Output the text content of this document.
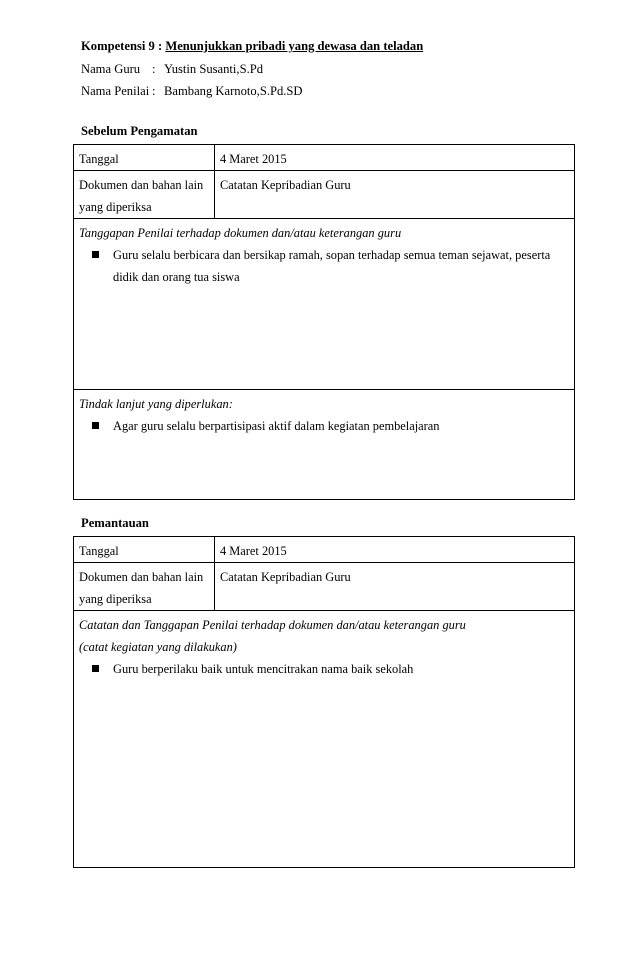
Kompetensi 9 : Menunjukkan pribadi yang dewasa dan teladan
Nama Guru : Yustin Susanti,S.Pd
Nama Penilai : Bambang Karnoto,S.Pd.SD
Sebelum Pengamatan
Tanggal	4 Maret 2015

Dokumen dan bahan lain
yang diperiksa	Catatan Kepribadian Guru

Tanggapan Penilai terhadap dokumen dan/atau keterangan guru
Guru selalu berbicara dan bersikap ramah, sopan terhadap semua teman sejawat, peserta
didik dan orang tua siswa	

Tindak lanjut yang diperlukan:
Agar guru selalu berpartisipasi aktif dalam kegiatan pembelajaran	
Pemantauan
Tanggal	4 Maret 2015

Dokumen dan bahan lain
yang diperiksa	Catatan Kepribadian Guru

Catatan dan Tanggapan Penilai terhadap dokumen dan/atau keterangan guru
(catat kegiatan yang dilakukan)
Guru berperilaku baik untuk mencitrakan nama baik sekolah	
